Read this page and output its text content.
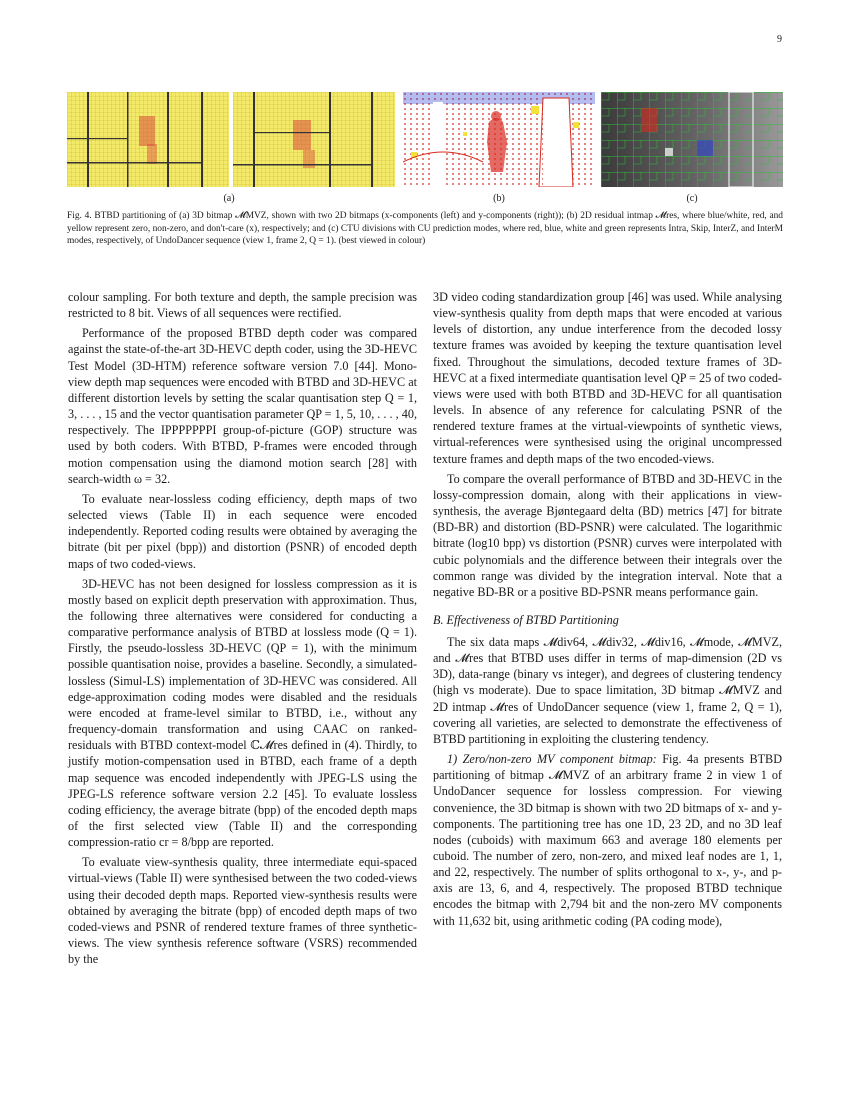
9
(a)	(b)	(c)
Fig. 4. BTBD partitioning of (a) 3D bitmap 𝓜MVZ, shown with two 2D bitmaps (x-components (left) and y-components (right)); (b) 2D residual intmap 𝓜res, where blue/white, red, and yellow represent zero, non-zero, and don't-care (x), respectively; and (c) CTU divisions with CU prediction modes, where red, blue, white and green represents Intra, Skip, InterZ, and InterM modes, respectively, of UndoDancer sequence (view 1, frame 2, Q = 1). (best viewed in colour)

colour sampling. For both texture and depth, the sample precision was restricted to 8 bit. Views of all sequences were rectified.

Performance of the proposed BTBD depth coder was compared against the state-of-the-art 3D-HEVC depth coder, using the 3D-HEVC Test Model (3D-HTM) reference software version 7.0 [44]. Mono-view depth map sequences were encoded with BTBD and 3D-HEVC at different distortion levels by setting the scalar quantisation step Q = 1, 3, . . . , 15 and the vector quantisation parameter QP = 1, 5, 10, . . . , 40, respectively. The IPPPPPPPI group-of-picture (GOP) structure was used by both coders. With BTBD, P-frames were encoded through motion compensation using the diamond motion search [28] with search-width ω = 32.

To evaluate near-lossless coding efficiency, depth maps of two selected views (Table II) in each sequence were encoded independently. Reported coding results were obtained by averaging the bitrate (bit per pixel (bpp)) and distortion (PSNR) of encoded depth maps of two coded-views.

3D-HEVC has not been designed for lossless compression as it is mostly based on explicit depth preservation with approximation. Thus, the following three alternatives were considered for conducting a comparative performance analysis of BTBD at lossless mode (Q = 1). Firstly, the pseudo-lossless 3D-HEVC (QP = 1), with the minimum possible quantisation noise, provides a baseline. Secondly, a simulated-lossless (Simul-LS) implementation of 3D-HEVC was considered. All edge-approximation coding modes were disabled and the residuals were encoded at frame-level similar to BTBD, i.e., without any frequency-domain transformation and using CAAC on ranked-residuals with BTBD context-model ℂ𝓜res defined in (4). Thirdly, to justify motion-compensation used in BTBD, each frame of a depth map sequence was encoded independently with JPEG-LS using the JPEG-LS reference software version 2.2 [45]. To evaluate lossless coding efficiency, the average bitrate (bpp) of the encoded depth maps of the first selected view (Table II) and the corresponding compression-ratio cr = 8/bpp are reported.

To evaluate view-synthesis quality, three intermediate equi-spaced virtual-views (Table II) were synthesised between the two coded-views using their decoded depth maps. Reported view-synthesis results were obtained by averaging the bitrate (bpp) of encoded depth maps of two coded-views and PSNR of rendered texture frames of three synthetic-views. The view synthesis reference software (VSRS) recommended by the

3D video coding standardization group [46] was used. While analysing view-synthesis quality from depth maps that were encoded at various levels of distortion, any undue interference from the decoded lossy texture frames was avoided by keeping the texture quantisation level fixed. Throughout the simulations, decoded texture frames of 3D-HEVC at a fixed intermediate quantisation level QP = 25 of two coded-views were used with both BTBD and 3D-HEVC for all quantisation levels. In absence of any reference for calculating PSNR of the rendered texture frames at the virtual-viewpoints of synthetic views, virtual-references were synthesised using the original uncompressed texture frames and depth maps of the two encoded-views.

To compare the overall performance of BTBD and 3D-HEVC in the lossy-compression domain, along with their applications in view-synthesis, the average Bjøntegaard delta (BD) metrics [47] for bitrate (BD-BR) and distortion (BD-PSNR) were calculated. The logarithmic bitrate (log10 bpp) vs distortion (PSNR) curves were interpolated with cubic polynomials and the difference between their integrals over the common range was divided by the integration interval. Note that a negative BD-BR or a positive BD-PSNR means performance gain.

B. Effectiveness of BTBD Partitioning

The six data maps 𝓜div64, 𝓜div32, 𝓜div16, 𝓜mode, 𝓜MVZ, and 𝓜res that BTBD uses differ in terms of map-dimension (2D vs 3D), data-range (binary vs integer), and degrees of clustering tendency (high vs moderate). Due to space limitation, 3D bitmap 𝓜MVZ and 2D intmap 𝓜res of UndoDancer sequence (view 1, frame 2, Q = 1), covering all varieties, are selected to demonstrate the effectiveness of BTBD partitioning in exploiting the clustering tendency.

1) Zero/non-zero MV component bitmap: Fig. 4a presents BTBD partitioning of bitmap 𝓜MVZ of an arbitrary frame 2 in view 1 of UndoDancer sequence for lossless compression. For viewing convenience, the 3D bitmap is shown with two 2D bitmaps of x- and y-components. The partitioning tree has one 1D, 23 2D, and no 3D leaf nodes (cuboids) with maximum 663 and average 180 elements per cuboid. The number of zero, non-zero, and mixed leaf nodes are 1, 1, and 22, respectively. The number of splits orthogonal to x-, y-, and p-axis are 13, 6, and 4, respectively. The proposed BTBD technique encodes the bitmap with 2,794 bit and the non-zero MV components with 11,632 bit, using arithmetic coding (PA coding mode),
